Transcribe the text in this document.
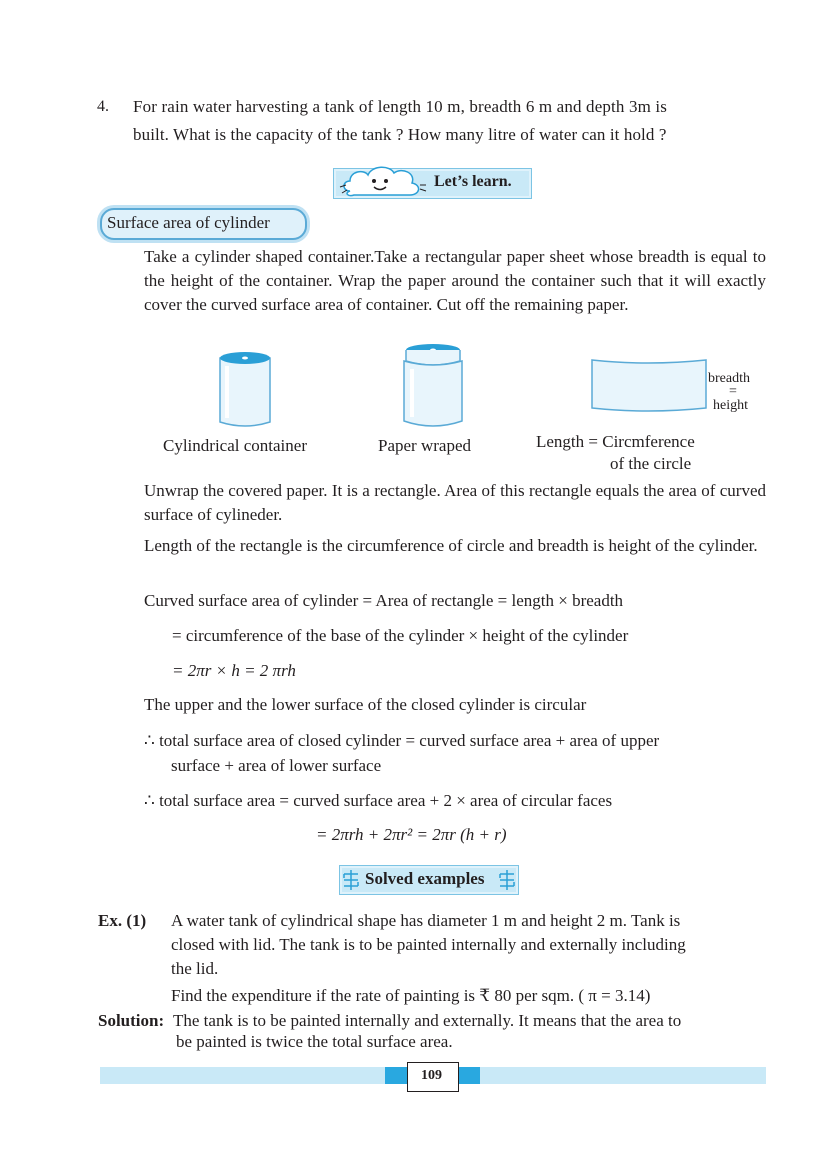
4. For rain water harvesting a tank of length 10 m, breadth 6 m and depth 3m is
built. What is the capacity of the tank ? How many litre of water can it hold ?
Let’s learn.
Surface area of cylinder
Take a cylinder shaped container.Take a rectangular paper sheet whose breadth is equal to the height of the container. Wrap the paper around the container such that it will exactly cover the curved surface area of container. Cut off the remaining paper.
breadth
=
height
Cylindrical container	Paper wraped	Length = Circmference
of the circle
Unwrap the covered paper. It is a rectangle. Area of this rectangle equals the area of curved surface of cylineder.
Length of the rectangle is the circumference of circle and breadth is height of the cylinder.
Curved surface area of cylinder = Area of rectangle = length × breadth
= circumference of the base of the cylinder × height of the cylinder
= 2πr × h = 2 πrh
The upper and the lower surface of the closed cylinder is circular
∴ total surface area of closed cylinder = curved surface area + area of upper
surface + area of lower surface
∴ total surface area = curved surface area + 2 × area of circular faces
= 2πrh + 2πr² = 2πr (h + r)
Solved examples
Ex. (1) A water tank of cylindrical shape has diameter 1 m and height 2 m. Tank is
closed with lid. The tank is to be painted internally and externally including
the lid.
Find the expenditure if the rate of painting is ₹ 80 per sqm. ( π = 3.14)
Solution: The tank is to be painted internally and externally. It means that the area to
be painted is twice the total surface area.
109
